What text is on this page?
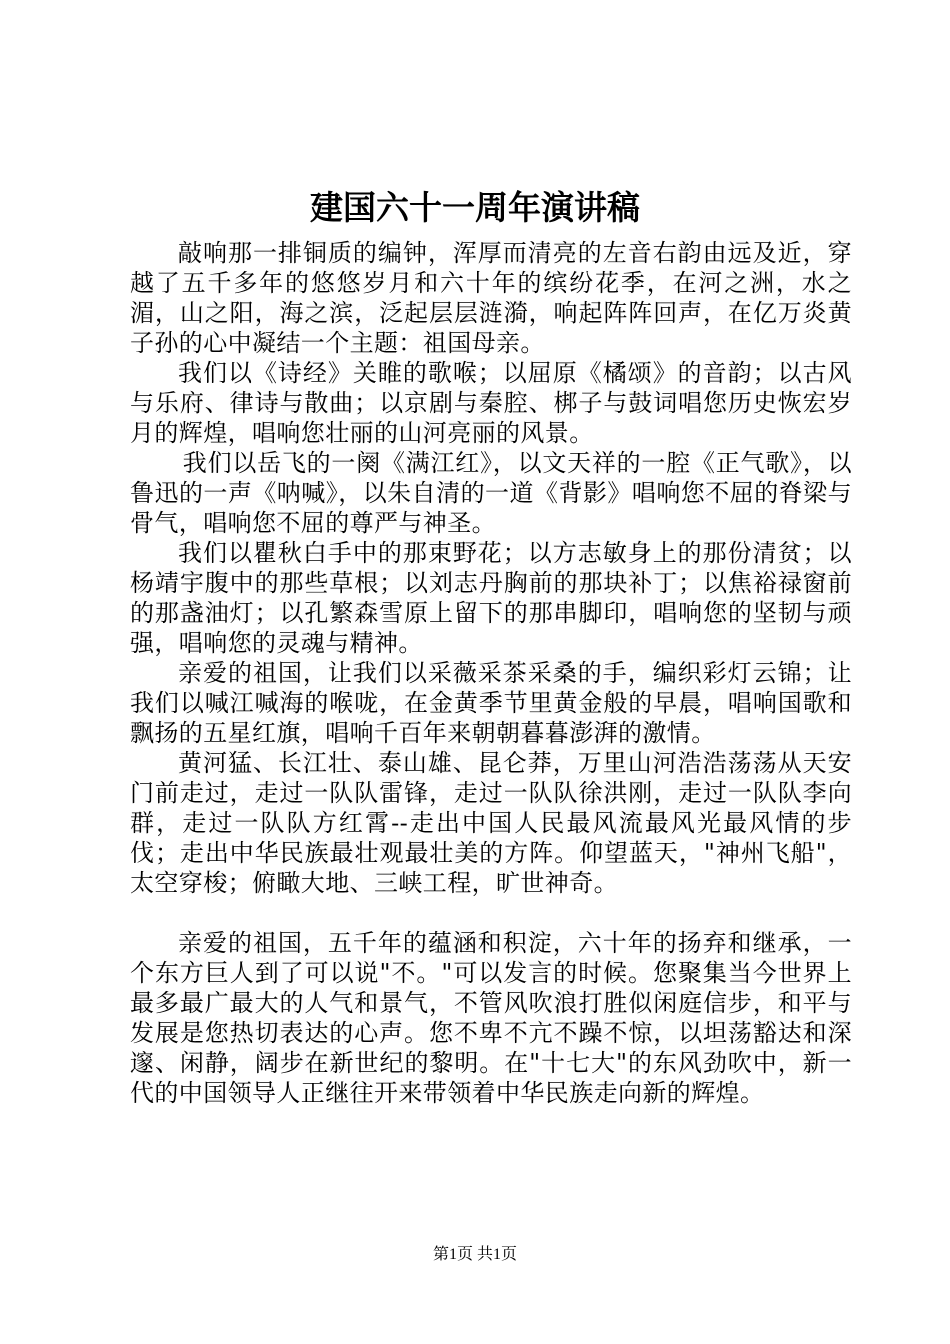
建国六十一周年演讲稿

敲响那一排铜质的编钟，浑厚而清亮的左音右韵由远及近，穿越了五千多年的悠悠岁月和六十年的缤纷花季，在河之洲，水之湄，山之阳，海之滨，泛起层层涟漪，响起阵阵回声，在亿万炎黄子孙的心中凝结一个主题：祖国母亲。

我们以《诗经》关睢的歌喉；以屈原《橘颂》的音韵；以古风与乐府、律诗与散曲；以京剧与秦腔、梆子与鼓词唱您历史恢宏岁月的辉煌，唱响您壮丽的山河亮丽的风景。

我们以岳飞的一阕《满江红》，以文天祥的一腔《正气歌》，以鲁迅的一声《呐喊》，以朱自清的一道《背影》唱响您不屈的脊梁与骨气，唱响您不屈的尊严与神圣。

我们以瞿秋白手中的那束野花；以方志敏身上的那份清贫；以杨靖宇腹中的那些草根；以刘志丹胸前的那块补丁；以焦裕禄窗前的那盏油灯；以孔繁森雪原上留下的那串脚印，唱响您的坚韧与顽强，唱响您的灵魂与精神。

亲爱的祖国，让我们以采薇采茶采桑的手，编织彩灯云锦；让我们以喊江喊海的喉咙，在金黄季节里黄金般的早晨，唱响国歌和飘扬的五星红旗，唱响千百年来朝朝暮暮澎湃的激情。

黄河猛、长江壮、泰山雄、昆仑莽，万里山河浩浩荡荡从天安门前走过，走过一队队雷锋，走过一队队徐洪刚，走过一队队李向群，走过一队队方红霄--走出中国人民最风流最风光最风情的步伐；走出中华民族最壮观最壮美的方阵。仰望蓝天，"神州飞船"，太空穿梭；俯瞰大地、三峡工程，旷世神奇。

亲爱的祖国，五千年的蕴涵和积淀，六十年的扬弃和继承，一个东方巨人到了可以说"不。"可以发言的时候。您聚集当今世界上最多最广最大的人气和景气，不管风吹浪打胜似闲庭信步，和平与发展是您热切表达的心声。您不卑不亢不躁不惊，以坦荡豁达和深邃、闲静，阔步在新世纪的黎明。在"十七大"的东风劲吹中，新一代的中国领导人正继往开来带领着中华民族走向新的辉煌。

第1页 共1页
